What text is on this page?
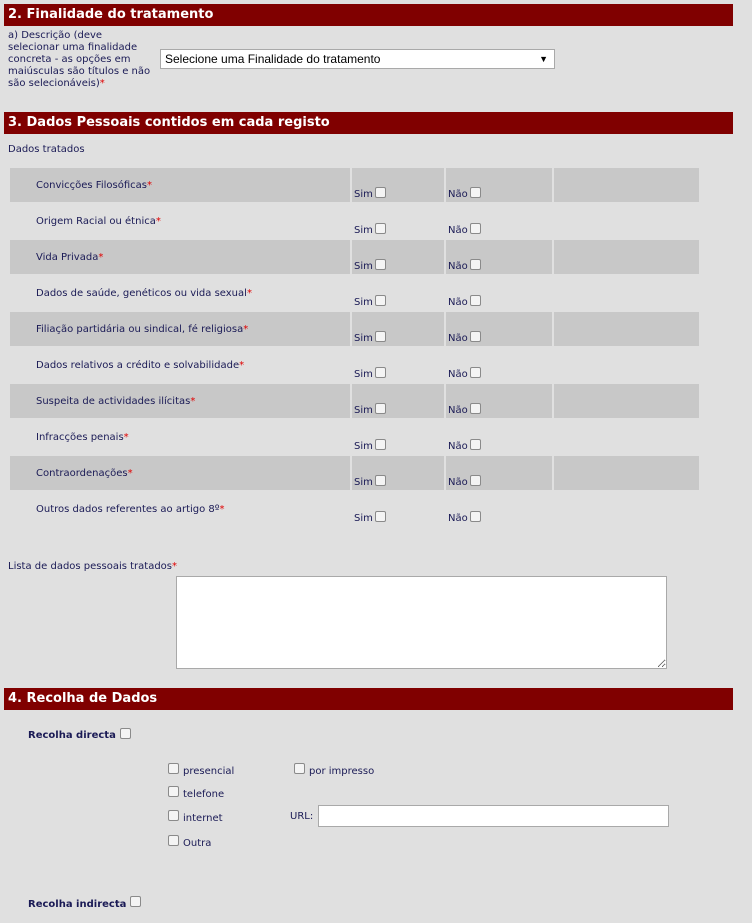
2. Finalidade do tratamento
a) Descrição (deve selecionar uma finalidade concreta - as opções em maiúsculas são títulos e não são selecionáveis)*
Selecione uma Finalidade do tratamento	▼
3. Dados Pessoais contidos em cada registo
Dados tratados
Convicções Filosóficas*	Sim	Não	

Origem Racial ou étnica*	Sim	Não	

Vida Privada*	Sim	Não	

Dados de saúde, genéticos ou vida sexual*	Sim	Não	

Filiação partidária ou sindical, fé religiosa*	Sim	Não	

Dados relativos a crédito e solvabilidade*	Sim	Não	

Suspeita de actividades ilícitas*	Sim	Não	

Infracções penais*	Sim	Não	

Contraordenações*	Sim	Não	

Outros dados referentes ao artigo 8º*	Sim	Não	

Lista de dados pessoais tratados*
4. Recolha de Dados
Recolha directa
presencial	por impresso
telefone
internet	URL:
Outra
Recolha indirecta
